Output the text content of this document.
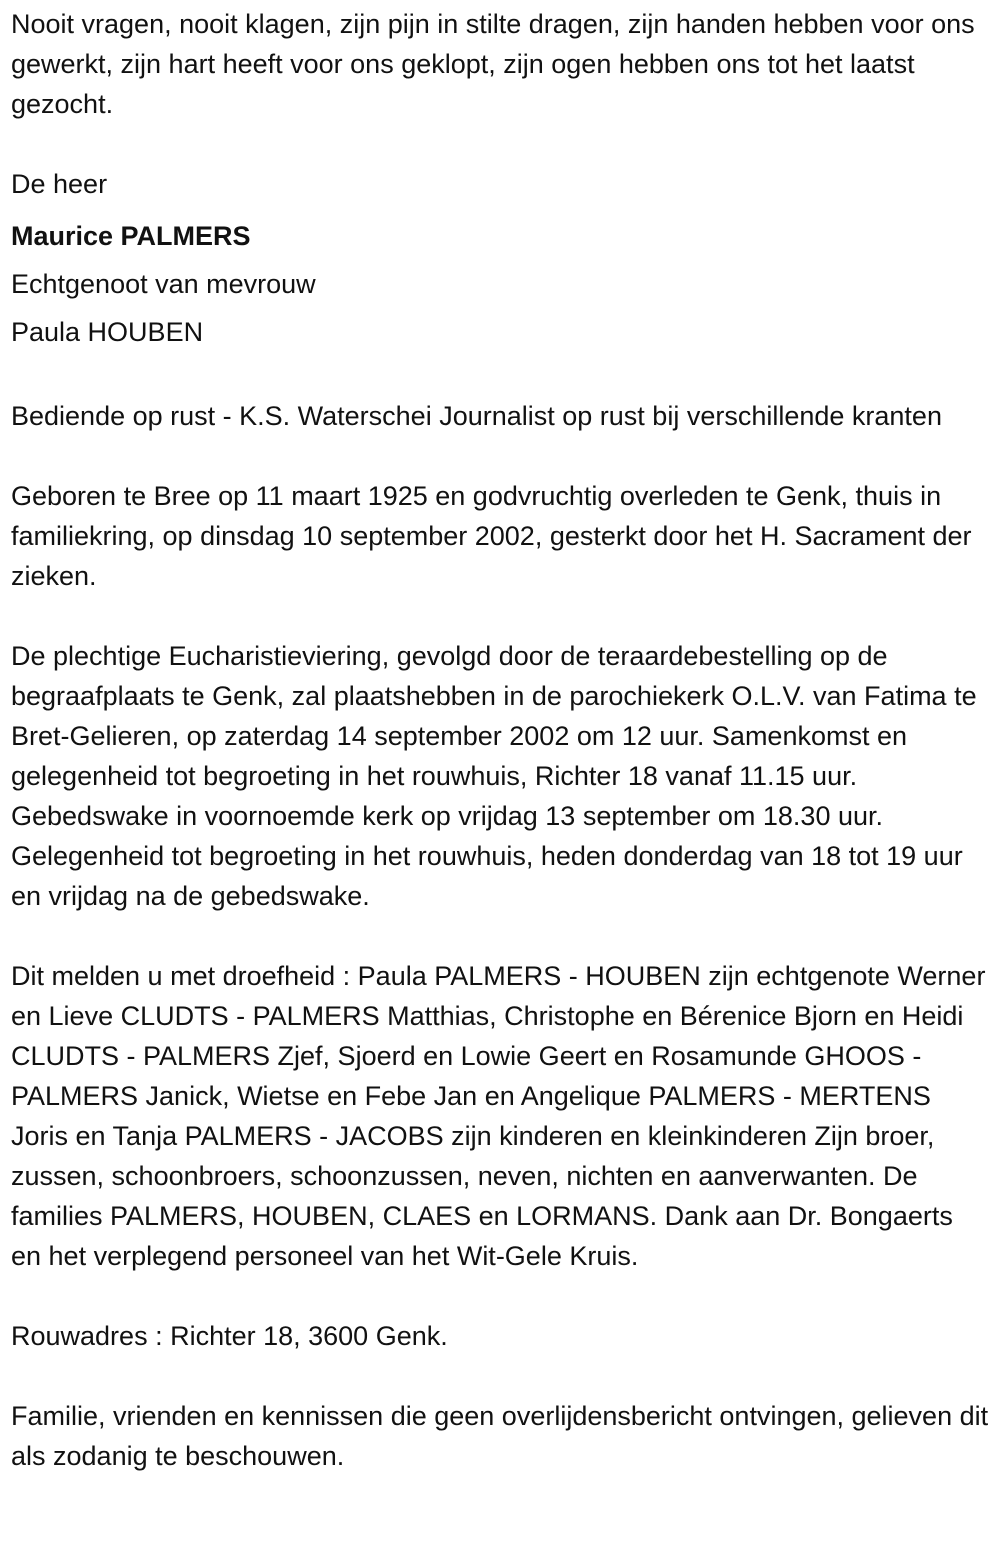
Nooit vragen, nooit klagen, zijn pijn in stilte dragen, zijn handen hebben voor ons gewerkt, zijn hart heeft voor ons geklopt, zijn ogen hebben ons tot het laatst gezocht.

De heer
Maurice PALMERS
Echtgenoot van mevrouw
Paula HOUBEN

Bediende op rust - K.S. Waterschei Journalist op rust bij verschillende kranten

Geboren te Bree op 11 maart 1925 en godvruchtig overleden te Genk, thuis in familiekring, op dinsdag 10 september 2002, gesterkt door het H. Sacrament der zieken.

De plechtige Eucharistieviering, gevolgd door de teraardebestelling op de begraafplaats te Genk, zal plaatshebben in de parochiekerk O.L.V. van Fatima te Bret-Gelieren, op zaterdag 14 september 2002 om 12 uur. Samenkomst en gelegenheid tot begroeting in het rouwhuis, Richter 18 vanaf 11.15 uur. Gebedswake in voornoemde kerk op vrijdag 13 september om 18.30 uur. Gelegenheid tot begroeting in het rouwhuis, heden donderdag van 18 tot 19 uur en vrijdag na de gebedswake.

Dit melden u met droefheid : Paula PALMERS - HOUBEN zijn echtgenote Werner en Lieve CLUDTS - PALMERS Matthias, Christophe en Bérenice Bjorn en Heidi CLUDTS - PALMERS Zjef, Sjoerd en Lowie Geert en Rosamunde GHOOS - PALMERS Janick, Wietse en Febe Jan en Angelique PALMERS - MERTENS Joris en Tanja PALMERS - JACOBS zijn kinderen en kleinkinderen Zijn broer, zussen, schoonbroers, schoonzussen, neven, nichten en aanverwanten. De families PALMERS, HOUBEN, CLAES en LORMANS. Dank aan Dr. Bongaerts en het verplegend personeel van het Wit-Gele Kruis.

Rouwadres : Richter 18, 3600 Genk.

Familie, vrienden en kennissen die geen overlijdensbericht ontvingen, gelieven dit als zodanig te beschouwen.
